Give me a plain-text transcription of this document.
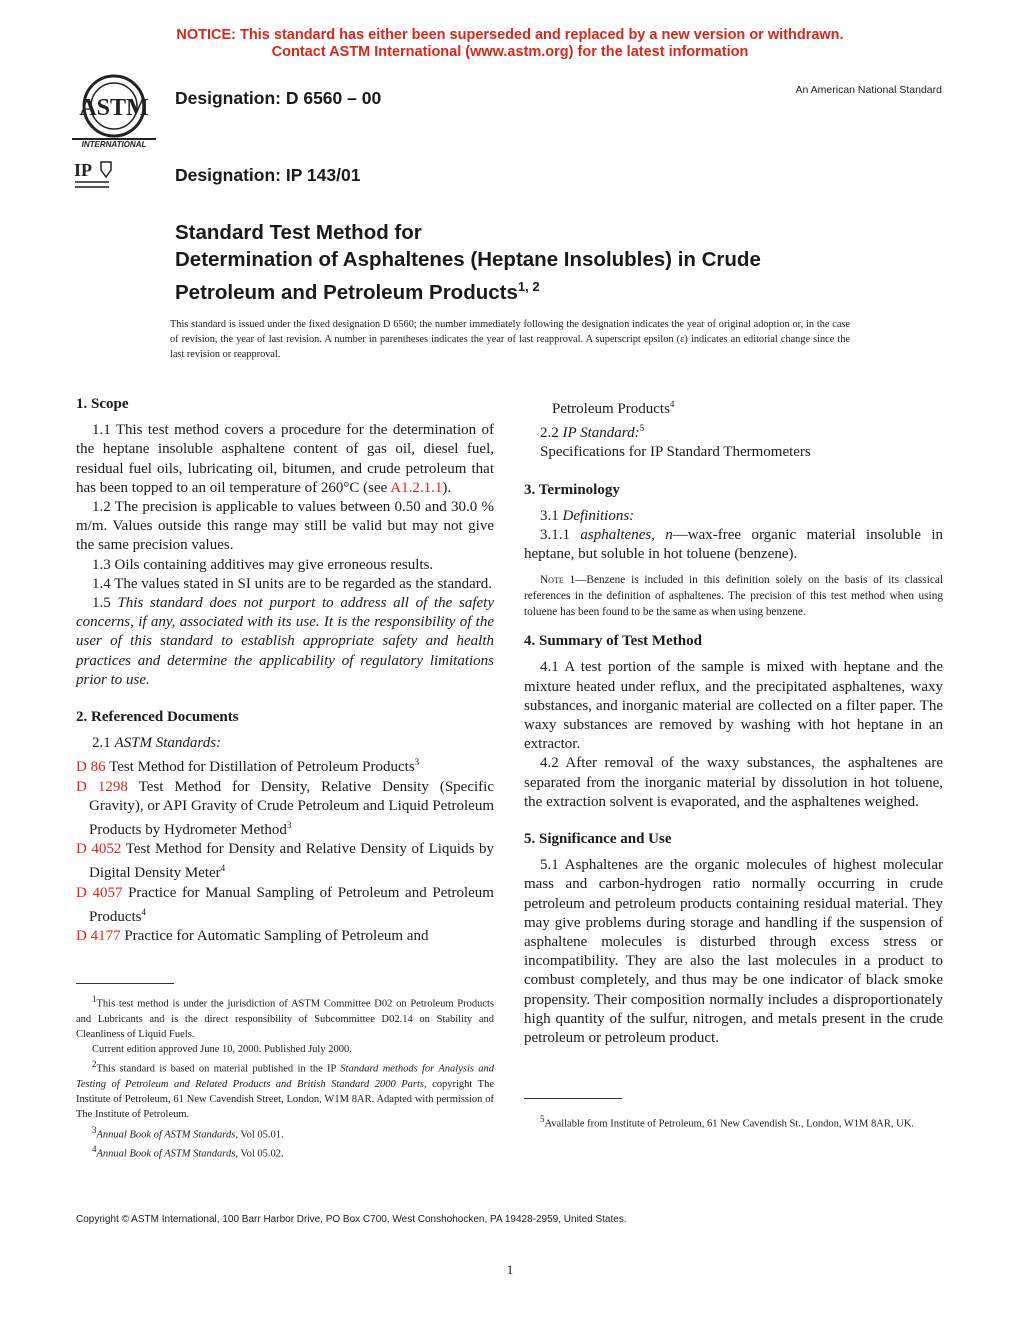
NOTICE: This standard has either been superseded and replaced by a new version or withdrawn.
Contact ASTM International (www.astm.org) for the latest information
ASTM
INTERNATIONAL
IP
Designation: D 6560 – 00
Designation: IP 143/01
An American National Standard
Standard Test Method for
Determination of Asphaltenes (Heptane Insolubles) in Crude
Petroleum and Petroleum Products$^{1, 2}$
This standard is issued under the fixed designation D 6560; the number immediately following the designation indicates the year of original adoption or, in the case of revision, the year of last revision. A number in parentheses indicates the year of last reapproval. A superscript epsilon (ε) indicates an editorial change since the last revision or reapproval.

1. Scope

1.1 This test method covers a procedure for the determination of the heptane insoluble asphaltene content of gas oil, diesel fuel, residual fuel oils, lubricating oil, bitumen, and crude petroleum that has been topped to an oil temperature of 260°C (see A1.2.1.1).

1.2 The precision is applicable to values between 0.50 and 30.0 % m/m. Values outside this range may still be valid but may not give the same precision values.

1.3 Oils containing additives may give erroneous results.

1.4 The values stated in SI units are to be regarded as the standard.

1.5 This standard does not purport to address all of the safety concerns, if any, associated with its use. It is the responsibility of the user of this standard to establish appropriate safety and health practices and determine the applicability of regulatory limitations prior to use.

2. Referenced Documents

2.1 ASTM Standards:

D 86 Test Method for Distillation of Petroleum Products$^3$

D 1298 Test Method for Density, Relative Density (Specific Gravity), or API Gravity of Crude Petroleum and Liquid Petroleum Products by Hydrometer Method$^3$

D 4052 Test Method for Density and Relative Density of Liquids by Digital Density Meter$^4$

D 4057 Practice for Manual Sampling of Petroleum and Petroleum Products$^4$

D 4177 Practice for Automatic Sampling of Petroleum and

$^1$This test method is under the jurisdiction of ASTM Committee D02 on Petroleum Products and Lubricants and is the direct responsibility of Subcommittee D02.14 on Stability and Cleanliness of Liquid Fuels.

Current edition approved June 10, 2000. Published July 2000.

$^2$This standard is based on material published in the IP Standard methods for Analysis and Testing of Petroleum and Related Products and British Standard 2000 Parts, copyright The Institute of Petroleum, 61 New Cavendish Street, London, W1M 8AR. Adapted with permission of The Institute of Petroleum.

$^3$Annual Book of ASTM Standards, Vol 05.01.

$^4$Annual Book of ASTM Standards, Vol 05.02.

Petroleum Products$^4$

2.2 IP Standard:$^5$

Specifications for IP Standard Thermometers

3. Terminology

3.1 Definitions:

3.1.1 asphaltenes, n—wax-free organic material insoluble in heptane, but soluble in hot toluene (benzene).

Note 1—Benzene is included in this definition solely on the basis of its classical references in the definition of asphaltenes. The precision of this test method when using toluene has been found to be the same as when using benzene.

4. Summary of Test Method

4.1 A test portion of the sample is mixed with heptane and the mixture heated under reflux, and the precipitated asphaltenes, waxy substances, and inorganic material are collected on a filter paper. The waxy substances are removed by washing with hot heptane in an extractor.

4.2 After removal of the waxy substances, the asphaltenes are separated from the inorganic material by dissolution in hot toluene, the extraction solvent is evaporated, and the asphaltenes weighed.

5. Significance and Use

5.1 Asphaltenes are the organic molecules of highest molecular mass and carbon-hydrogen ratio normally occurring in crude petroleum and petroleum products containing residual material. They may give problems during storage and handling if the suspension of asphaltene molecules is disturbed through excess stress or incompatibility. They are also the last molecules in a product to combust completely, and thus may be one indicator of black smoke propensity. Their composition normally includes a disproportionately high quantity of the sulfur, nitrogen, and metals present in the crude petroleum or petroleum product.

$^5$Available from Institute of Petroleum, 61 New Cavendish St., London, W1M 8AR, UK.

Copyright © ASTM International, 100 Barr Harbor Drive, PO Box C700, West Conshohocken, PA 19428-2959, United States.
1
